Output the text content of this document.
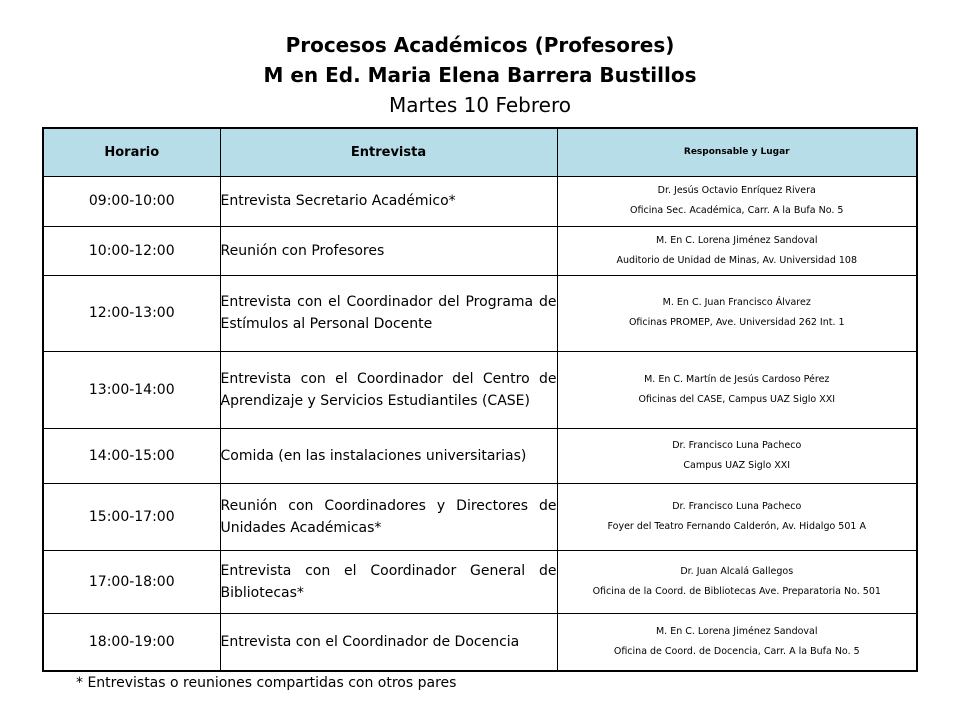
Procesos Académicos (Profesores)
M en Ed. Maria Elena Barrera Bustillos
Martes 10 Febrero
Horario	Entrevista	Responsable y Lugar
09:00-10:00	Entrevista Secretario Académico*	Dr. Jesús Octavio Enríquez Rivera
Oficina Sec. Académica, Carr. A la Bufa No. 5

10:00-12:00	Reunión con Profesores	M. En C. Lorena Jiménez Sandoval
Auditorio de Unidad de Minas, Av. Universidad 108

12:00-13:00	Entrevista con el Coordinador del Programa de Estímulos al Personal Docente	M. En C. Juan Francisco Álvarez
Oficinas PROMEP, Ave. Universidad 262 Int. 1

13:00-14:00	Entrevista con el Coordinador del Centro de Aprendizaje y Servicios Estudiantiles (CASE)	M. En C. Martín de Jesús Cardoso Pérez
Oficinas del CASE, Campus UAZ Siglo XXI

14:00-15:00	Comida (en las instalaciones universitarias)	Dr. Francisco Luna Pacheco
Campus UAZ Siglo XXI

15:00-17:00	Reunión con Coordinadores y Directores de Unidades Académicas*	Dr. Francisco Luna Pacheco
Foyer del Teatro Fernando Calderón, Av. Hidalgo 501 A

17:00-18:00	Entrevista con el Coordinador General de Bibliotecas*	Dr. Juan Alcalá Gallegos
Oficina de la Coord. de Bibliotecas Ave. Preparatoria No. 501

18:00-19:00	Entrevista con el Coordinador de Docencia	M. En C. Lorena Jiménez Sandoval
Oficina de Coord. de Docencia, Carr. A la Bufa No. 5
* Entrevistas o reuniones compartidas con otros pares
